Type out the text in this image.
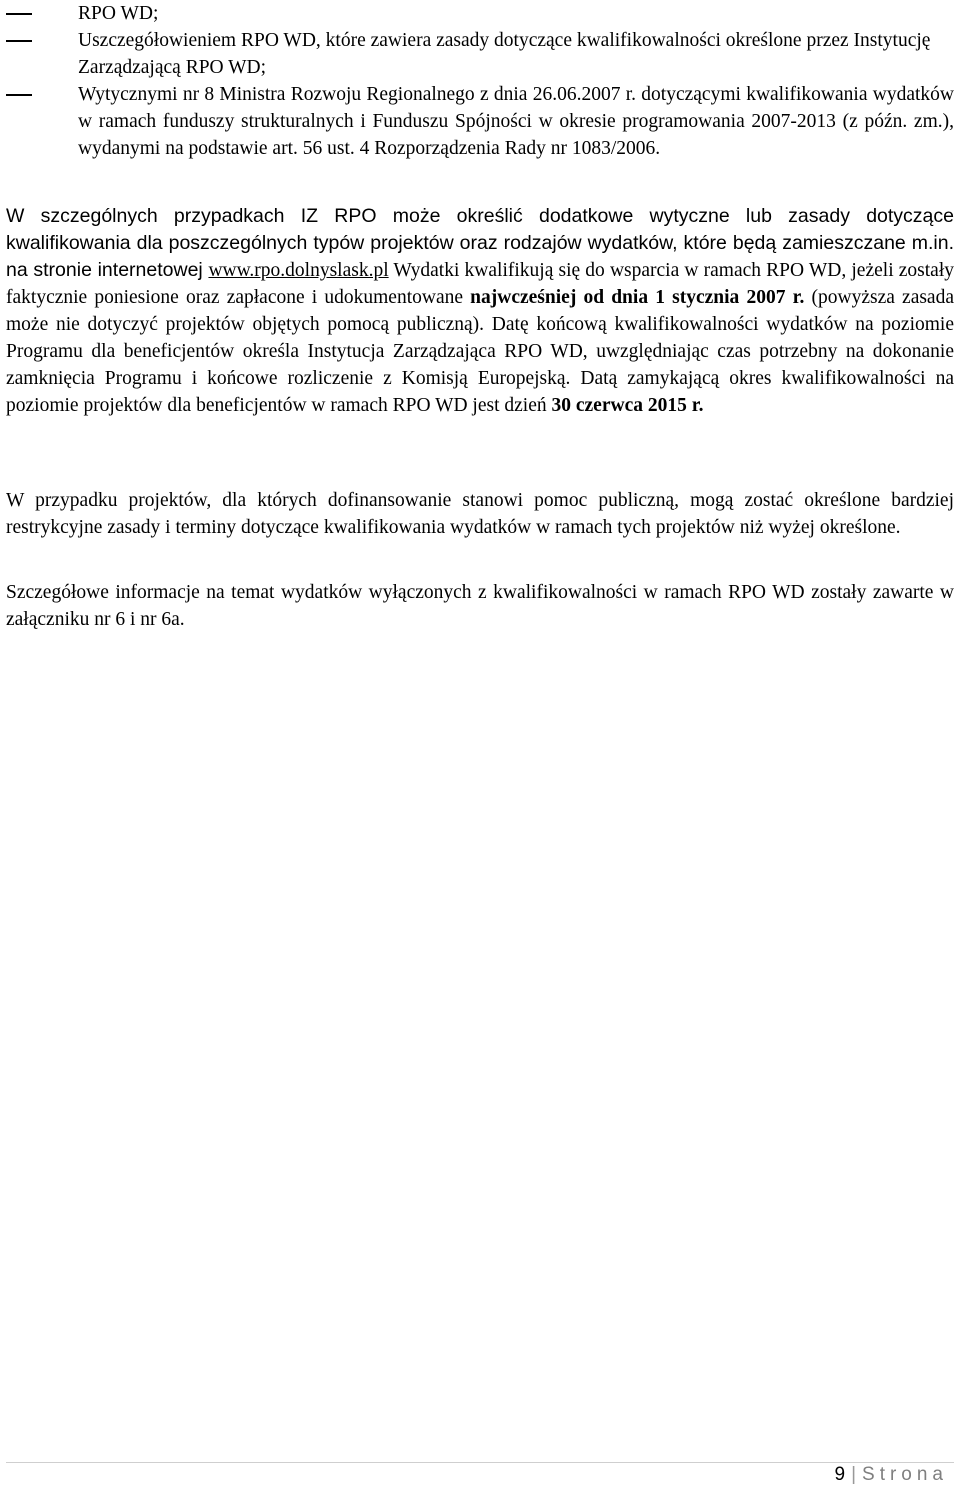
RPO WD;
Uszczegółowieniem RPO WD, które zawiera zasady dotyczące kwalifikowalności określone przez Instytucję Zarządzającą RPO WD;
Wytycznymi nr 8 Ministra Rozwoju Regionalnego z dnia 26.06.2007 r. dotyczącymi kwalifikowania wydatków w ramach funduszy strukturalnych i Funduszu Spójności w okresie programowania 2007-2013 (z późn. zm.), wydanymi na podstawie art. 56 ust. 4 Rozporządzenia Rady nr 1083/2006.

W szczególnych przypadkach IZ RPO może określić dodatkowe wytyczne lub zasady dotyczące kwalifikowania dla poszczególnych typów projektów oraz rodzajów wydatków, które będą zamieszczane m.in. na stronie internetowej www.rpo.dolnyslask.pl Wydatki kwalifikują się do wsparcia w ramach RPO WD, jeżeli zostały faktycznie poniesione oraz zapłacone i udokumentowane najwcześniej od dnia 1 stycznia 2007 r. (powyższa zasada może nie dotyczyć projektów objętych pomocą publiczną). Datę końcową kwalifikowalności wydatków na poziomie Programu dla beneficjentów określa Instytucja Zarządzająca RPO WD, uwzględniając czas potrzebny na dokonanie zamknięcia Programu i końcowe rozliczenie z Komisją Europejską. Datą zamykającą okres kwalifikowalności na poziomie projektów dla beneficjentów w ramach RPO WD jest dzień 30 czerwca 2015 r.

W przypadku projektów, dla których dofinansowanie stanowi pomoc publiczną, mogą zostać określone bardziej restrykcyjne zasady i terminy dotyczące kwalifikowania wydatków w ramach tych projektów niż wyżej określone.

Szczegółowe informacje na temat wydatków wyłączonych z kwalifikowalności w ramach RPO WD zostały zawarte w załączniku nr 6 i nr 6a.

9 | Strona
